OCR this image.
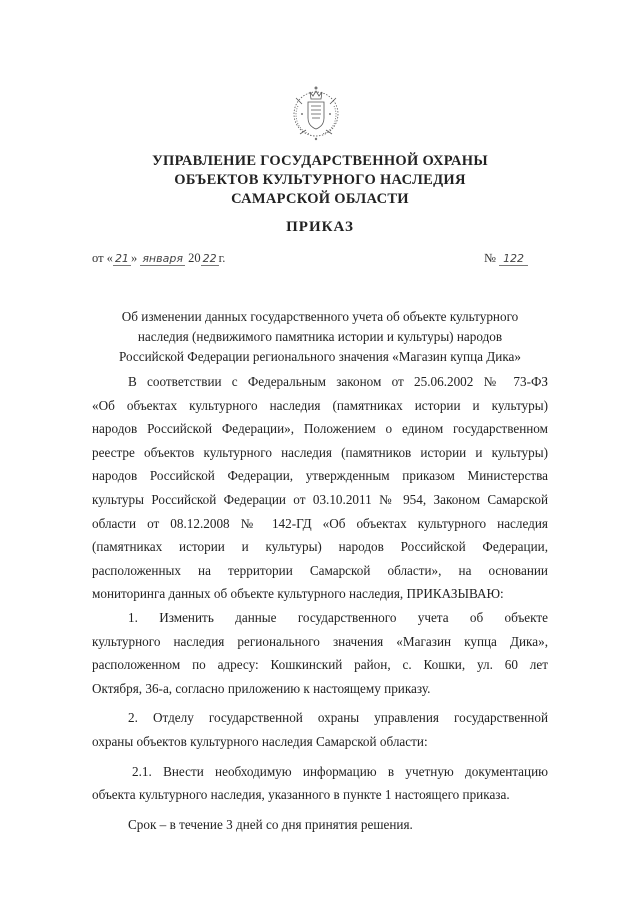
УПРАВЛЕНИЕ ГОСУДАРСТВЕННОЙ ОХРАНЫ
ОБЪЕКТОВ КУЛЬТУРНОГО НАСЛЕДИЯ
САМАРСКОЙ ОБЛАСТИ
ПРИКАЗ
от « 21 » января 20 22 г.	№ 122
Об изменении данных государственного учета об объекте культурного
наследия (недвижимого памятника истории и культуры) народов
Российской Федерации регионального значения «Магазин купца Дика»
В соответствии с Федеральным законом от 25.06.2002 № 73-ФЗ
«Об объектах культурного наследия (памятниках истории и культуры)
народов Российской Федерации», Положением о едином государственном
реестре объектов культурного наследия (памятников истории и культуры)
народов Российской Федерации, утвержденным приказом Министерства
культуры Российской Федерации от 03.10.2011 № 954, Законом Самарской
области от 08.12.2008 № 142-ГД «Об объектах культурного наследия
(памятниках истории и культуры) народов Российской Федерации,
расположенных на территории Самарской области», на основании
мониторинга данных об объекте культурного наследия, ПРИКАЗЫВАЮ:
1. Изменить данные государственного учета об объекте
культурного наследия регионального значения «Магазин купца Дика»,
расположенном по адресу: Кошкинский район, с. Кошки, ул. 60 лет
Октября, 36-а, согласно приложению к настоящему приказу.
2. Отделу государственной охраны управления государственной
охраны объектов культурного наследия Самарской области:
2.1. Внести необходимую информацию в учетную документацию
объекта культурного наследия, указанного в пункте 1 настоящего приказа.
Срок – в течение 3 дней со дня принятия решения.
